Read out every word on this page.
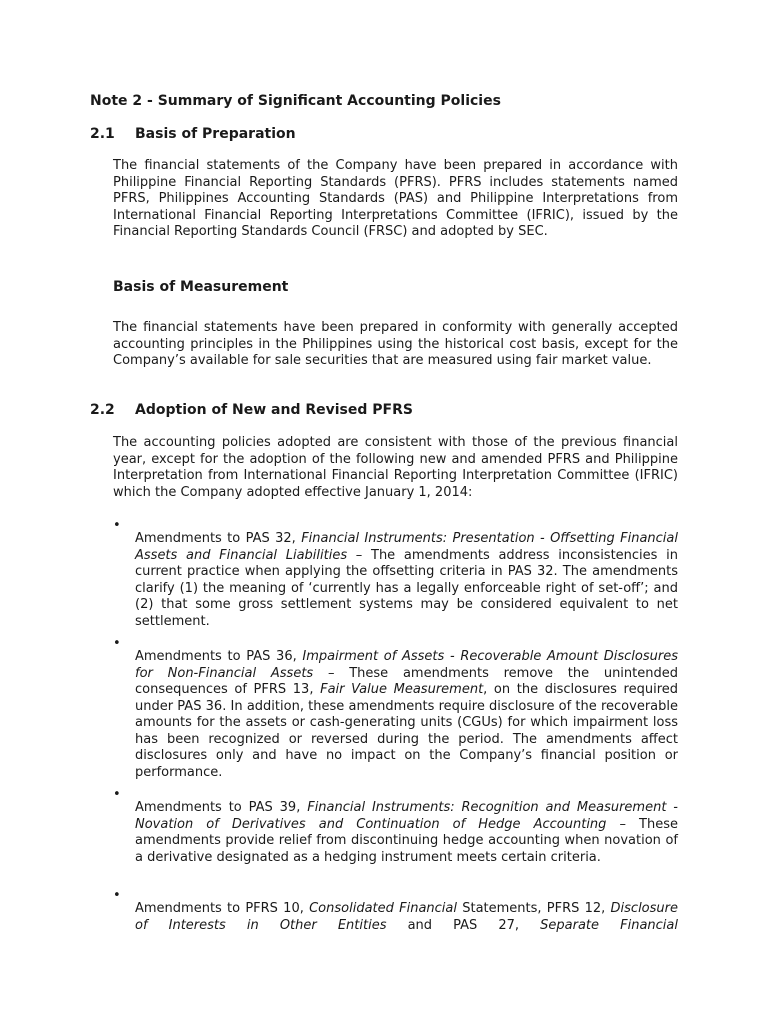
Note 2 - Summary of Significant Accounting Policies

2.1 Basis of Preparation

The financial statements of the Company have been prepared in accordance with Philippine Financial Reporting Standards (PFRS). PFRS includes statements named PFRS, Philippines Accounting Standards (PAS) and Philippine Interpretations from International Financial Reporting Interpretations Committee (IFRIC), issued by the Financial Reporting Standards Council (FRSC) and adopted by SEC.

Basis of Measurement

The financial statements have been prepared in conformity with generally accepted accounting principles in the Philippines using the historical cost basis, except for the Company’s available for sale securities that are measured using fair market value.

2.2 Adoption of New and Revised PFRS

The accounting policies adopted are consistent with those of the previous financial year, except for the adoption of the following new and amended PFRS and Philippine Interpretation from International Financial Reporting Interpretation Committee (IFRIC) which the Company adopted effective January 1, 2014:

•

Amendments to PAS 32, Financial Instruments: Presentation - Offsetting Financial Assets and Financial Liabilities – The amendments address inconsistencies in current practice when applying the offsetting criteria in PAS 32. The amendments clarify (1) the meaning of ‘currently has a legally enforceable right of set-off’; and (2) that some gross settlement systems may be considered equivalent to net settlement.

•

Amendments to PAS 36, Impairment of Assets - Recoverable Amount Disclosures for Non-Financial Assets – These amendments remove the unintended consequences of PFRS 13, Fair Value Measurement, on the disclosures required under PAS 36. In addition, these amendments require disclosure of the recoverable amounts for the assets or cash-generating units (CGUs) for which impairment loss has been recognized or reversed during the period. The amendments affect disclosures only and have no impact on the Company’s financial position or performance.

•

Amendments to PAS 39, Financial Instruments: Recognition and Measurement - Novation of Derivatives and Continuation of Hedge Accounting – These amendments provide relief from discontinuing hedge accounting when novation of a derivative designated as a hedging instrument meets certain criteria.

•

Amendments to PFRS 10, Consolidated Financial Statements, PFRS 12, Disclosure of Interests in Other Entities and PAS 27, Separate Financial
